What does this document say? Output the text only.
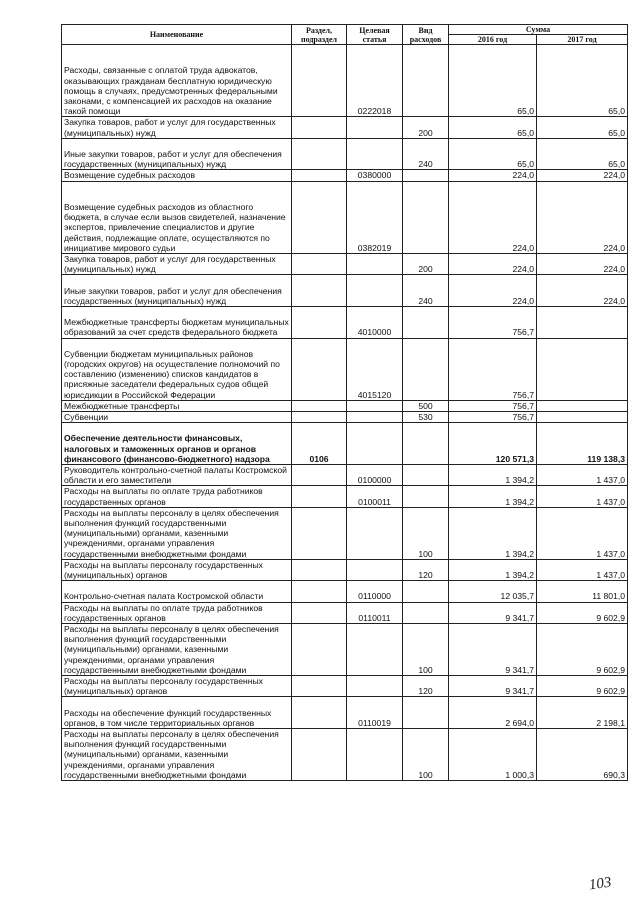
Наименование	Раздел, подраздел	Целевая статья	Вид расходов	Сумма	
				2016 год	2017 год
Расходы, связанные с оплатой труда адвокатов, оказывающих гражданам бесплатную юридическую помощь в случаях, предусмотренных федеральными законами, с компенсацией их расходов на оказание такой помощи		0222018		65,0	65,0
Закупка товаров, работ и услуг для государственных (муниципальных) нужд			200	65,0	65,0
Иные закупки товаров, работ и услуг для обеспечения государственных (муниципальных) нужд			240	65,0	65,0
Возмещение судебных расходов		0380000		224,0	224,0
Возмещение судебных расходов из областного бюджета, в случае если вызов свидетелей, назначение экспертов, привлечение специалистов и другие действия, подлежащие оплате, осуществляются по инициативе мирового судьи		0382019		224,0	224,0
Закупка товаров, работ и услуг для государственных (муниципальных) нужд			200	224,0	224,0
Иные закупки товаров, работ и услуг для обеспечения государственных (муниципальных) нужд			240	224,0	224,0
Межбюджетные трансферты бюджетам муниципальных образований за счет средств федерального бюджета		4010000		756,7	
Субвенции бюджетам муниципальных районов (городских округов) на осуществление полномочий по составлению (изменению) списков кандидатов в присяжные заседатели федеральных судов общей юрисдикции в Российской Федерации		4015120		756,7	
Межбюджетные трансферты			500	756,7	
Субвенции			530	756,7	
Обеспечение деятельности финансовых, налоговых и таможенных органов и органов финансового (финансово-бюджетного) надзора	0106			120 571,3	119 138,3
Руководитель контрольно-счетной палаты Костромской области и его заместители		0100000		1 394,2	1 437,0
Расходы на выплаты по оплате труда работников государственных органов		0100011		1 394,2	1 437,0
Расходы на выплаты персоналу в целях обеспечения выполнения функций государственными (муниципальными) органами, казенными учреждениями, органами управления государственными внебюджетными фондами			100	1 394,2	1 437,0
Расходы на выплаты персоналу государственных (муниципальных) органов			120	1 394,2	1 437,0
Контрольно-счетная палата Костромской области		0110000		12 035,7	11 801,0
Расходы на выплаты по оплате труда работников государственных органов		0110011		9 341,7	9 602,9
Расходы на выплаты персоналу в целях обеспечения выполнения функций государственными (муниципальными) органами, казенными учреждениями, органами управления государственными внебюджетными фондами			100	9 341,7	9 602,9
Расходы на выплаты персоналу государственных (муниципальных) органов			120	9 341,7	9 602,9
Расходы на обеспечение функций государственных органов, в том числе территориальных органов		0110019		2 694,0	2 198,1
Расходы на выплаты персоналу в целях обеспечения выполнения функций государственными (муниципальными) органами, казенными учреждениями, органами управления государственными внебюджетными фондами			100	1 000,3	690,3
103
